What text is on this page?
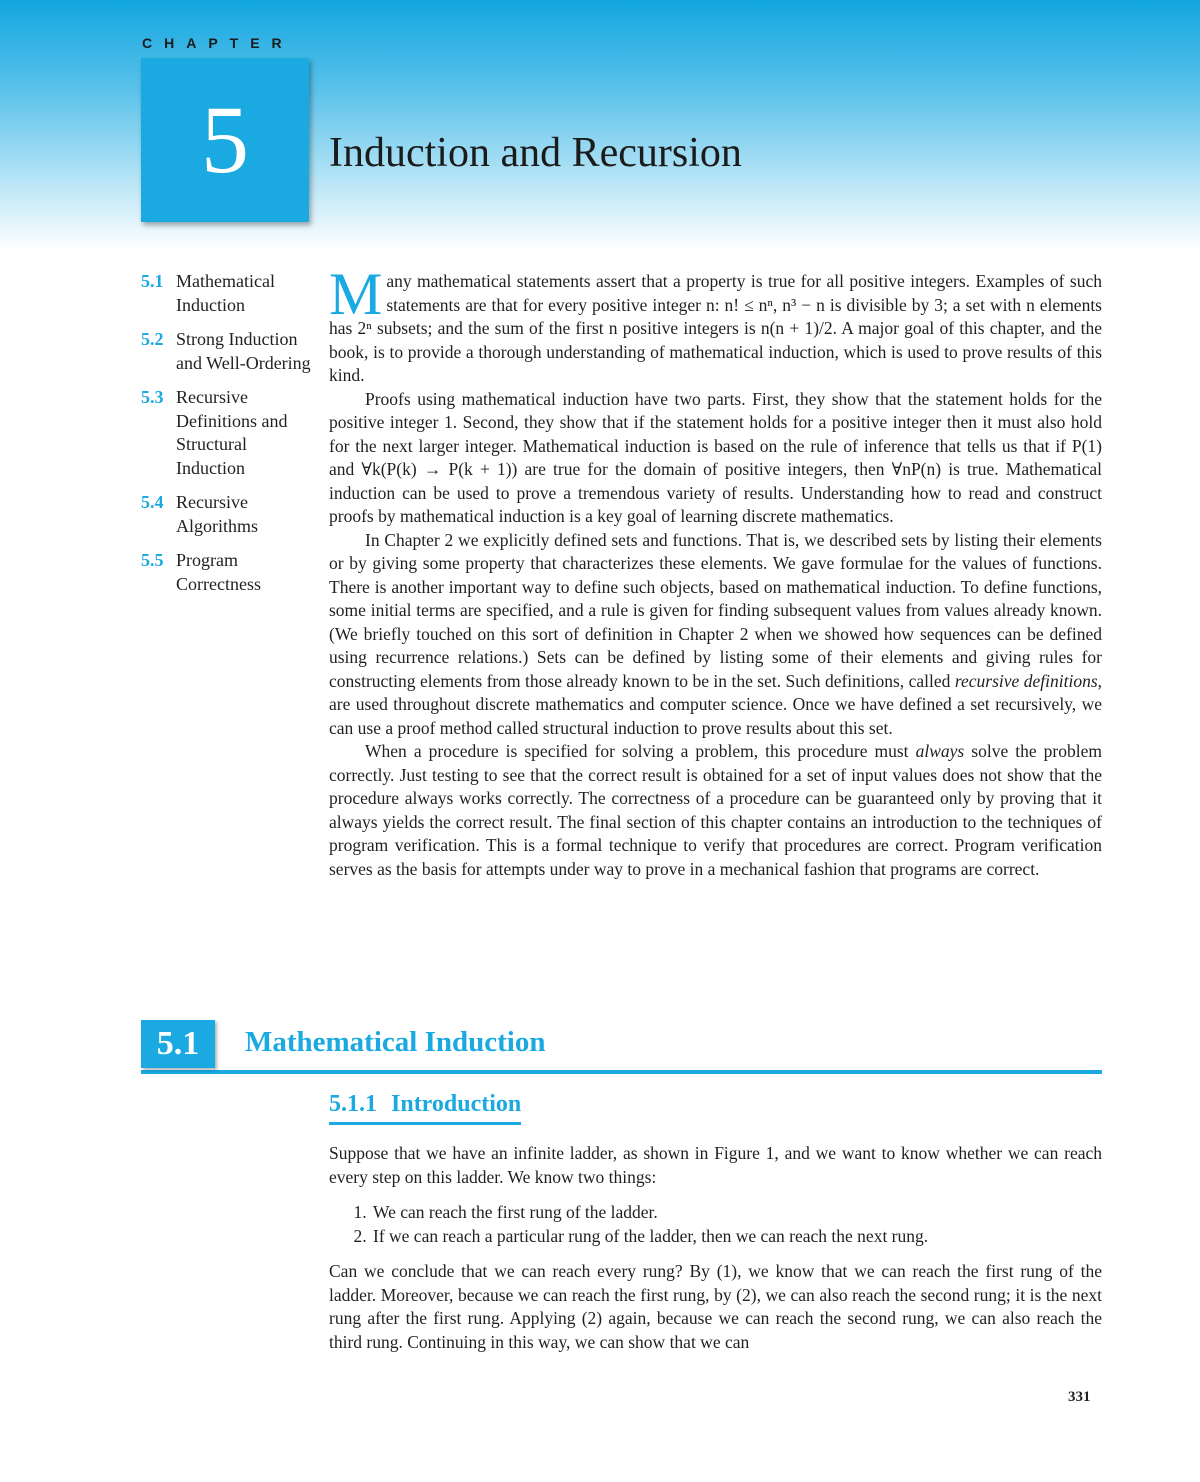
CHAPTER
5 Induction and Recursion
5.1 Mathematical Induction
5.2 Strong Induction and Well-Ordering
5.3 Recursive Definitions and Structural Induction
5.4 Recursive Algorithms
5.5 Program Correctness

Many mathematical statements assert that a property is true for all positive integers. Examples of such statements are that for every positive integer n: n! ≤ nⁿ, n³ − n is divisible by 3; a set with n elements has 2ⁿ subsets; and the sum of the first n positive integers is n(n + 1)/2. A major goal of this chapter, and the book, is to provide a thorough understanding of mathematical induction, which is used to prove results of this kind.

Proofs using mathematical induction have two parts. First, they show that the statement holds for the positive integer 1. Second, they show that if the statement holds for a positive integer then it must also hold for the next larger integer. Mathematical induction is based on the rule of inference that tells us that if P(1) and ∀k(P(k) → P(k + 1)) are true for the domain of positive integers, then ∀nP(n) is true. Mathematical induction can be used to prove a tremendous variety of results. Understanding how to read and construct proofs by mathematical induction is a key goal of learning discrete mathematics.

In Chapter 2 we explicitly defined sets and functions. That is, we described sets by listing their elements or by giving some property that characterizes these elements. We gave formulae for the values of functions. There is another important way to define such objects, based on mathematical induction. To define functions, some initial terms are specified, and a rule is given for finding subsequent values from values already known. (We briefly touched on this sort of definition in Chapter 2 when we showed how sequences can be defined using recurrence relations.) Sets can be defined by listing some of their elements and giving rules for constructing elements from those already known to be in the set. Such definitions, called recursive definitions, are used throughout discrete mathematics and computer science. Once we have defined a set recursively, we can use a proof method called structural induction to prove results about this set.

When a procedure is specified for solving a problem, this procedure must always solve the problem correctly. Just testing to see that the correct result is obtained for a set of input values does not show that the procedure always works correctly. The correctness of a procedure can be guaranteed only by proving that it always yields the correct result. The final section of this chapter contains an introduction to the techniques of program verification. This is a formal technique to verify that procedures are correct. Program verification serves as the basis for attempts under way to prove in a mechanical fashion that programs are correct.

5.1 Mathematical Induction
5.1.1 Introduction

Suppose that we have an infinite ladder, as shown in Figure 1, and we want to know whether we can reach every step on this ladder. We know two things:

1. We can reach the first rung of the ladder.
2. If we can reach a particular rung of the ladder, then we can reach the next rung.

Can we conclude that we can reach every rung? By (1), we know that we can reach the first rung of the ladder. Moreover, because we can reach the first rung, by (2), we can also reach the second rung; it is the next rung after the first rung. Applying (2) again, because we can reach the second rung, we can also reach the third rung. Continuing in this way, we can show that we can

331
